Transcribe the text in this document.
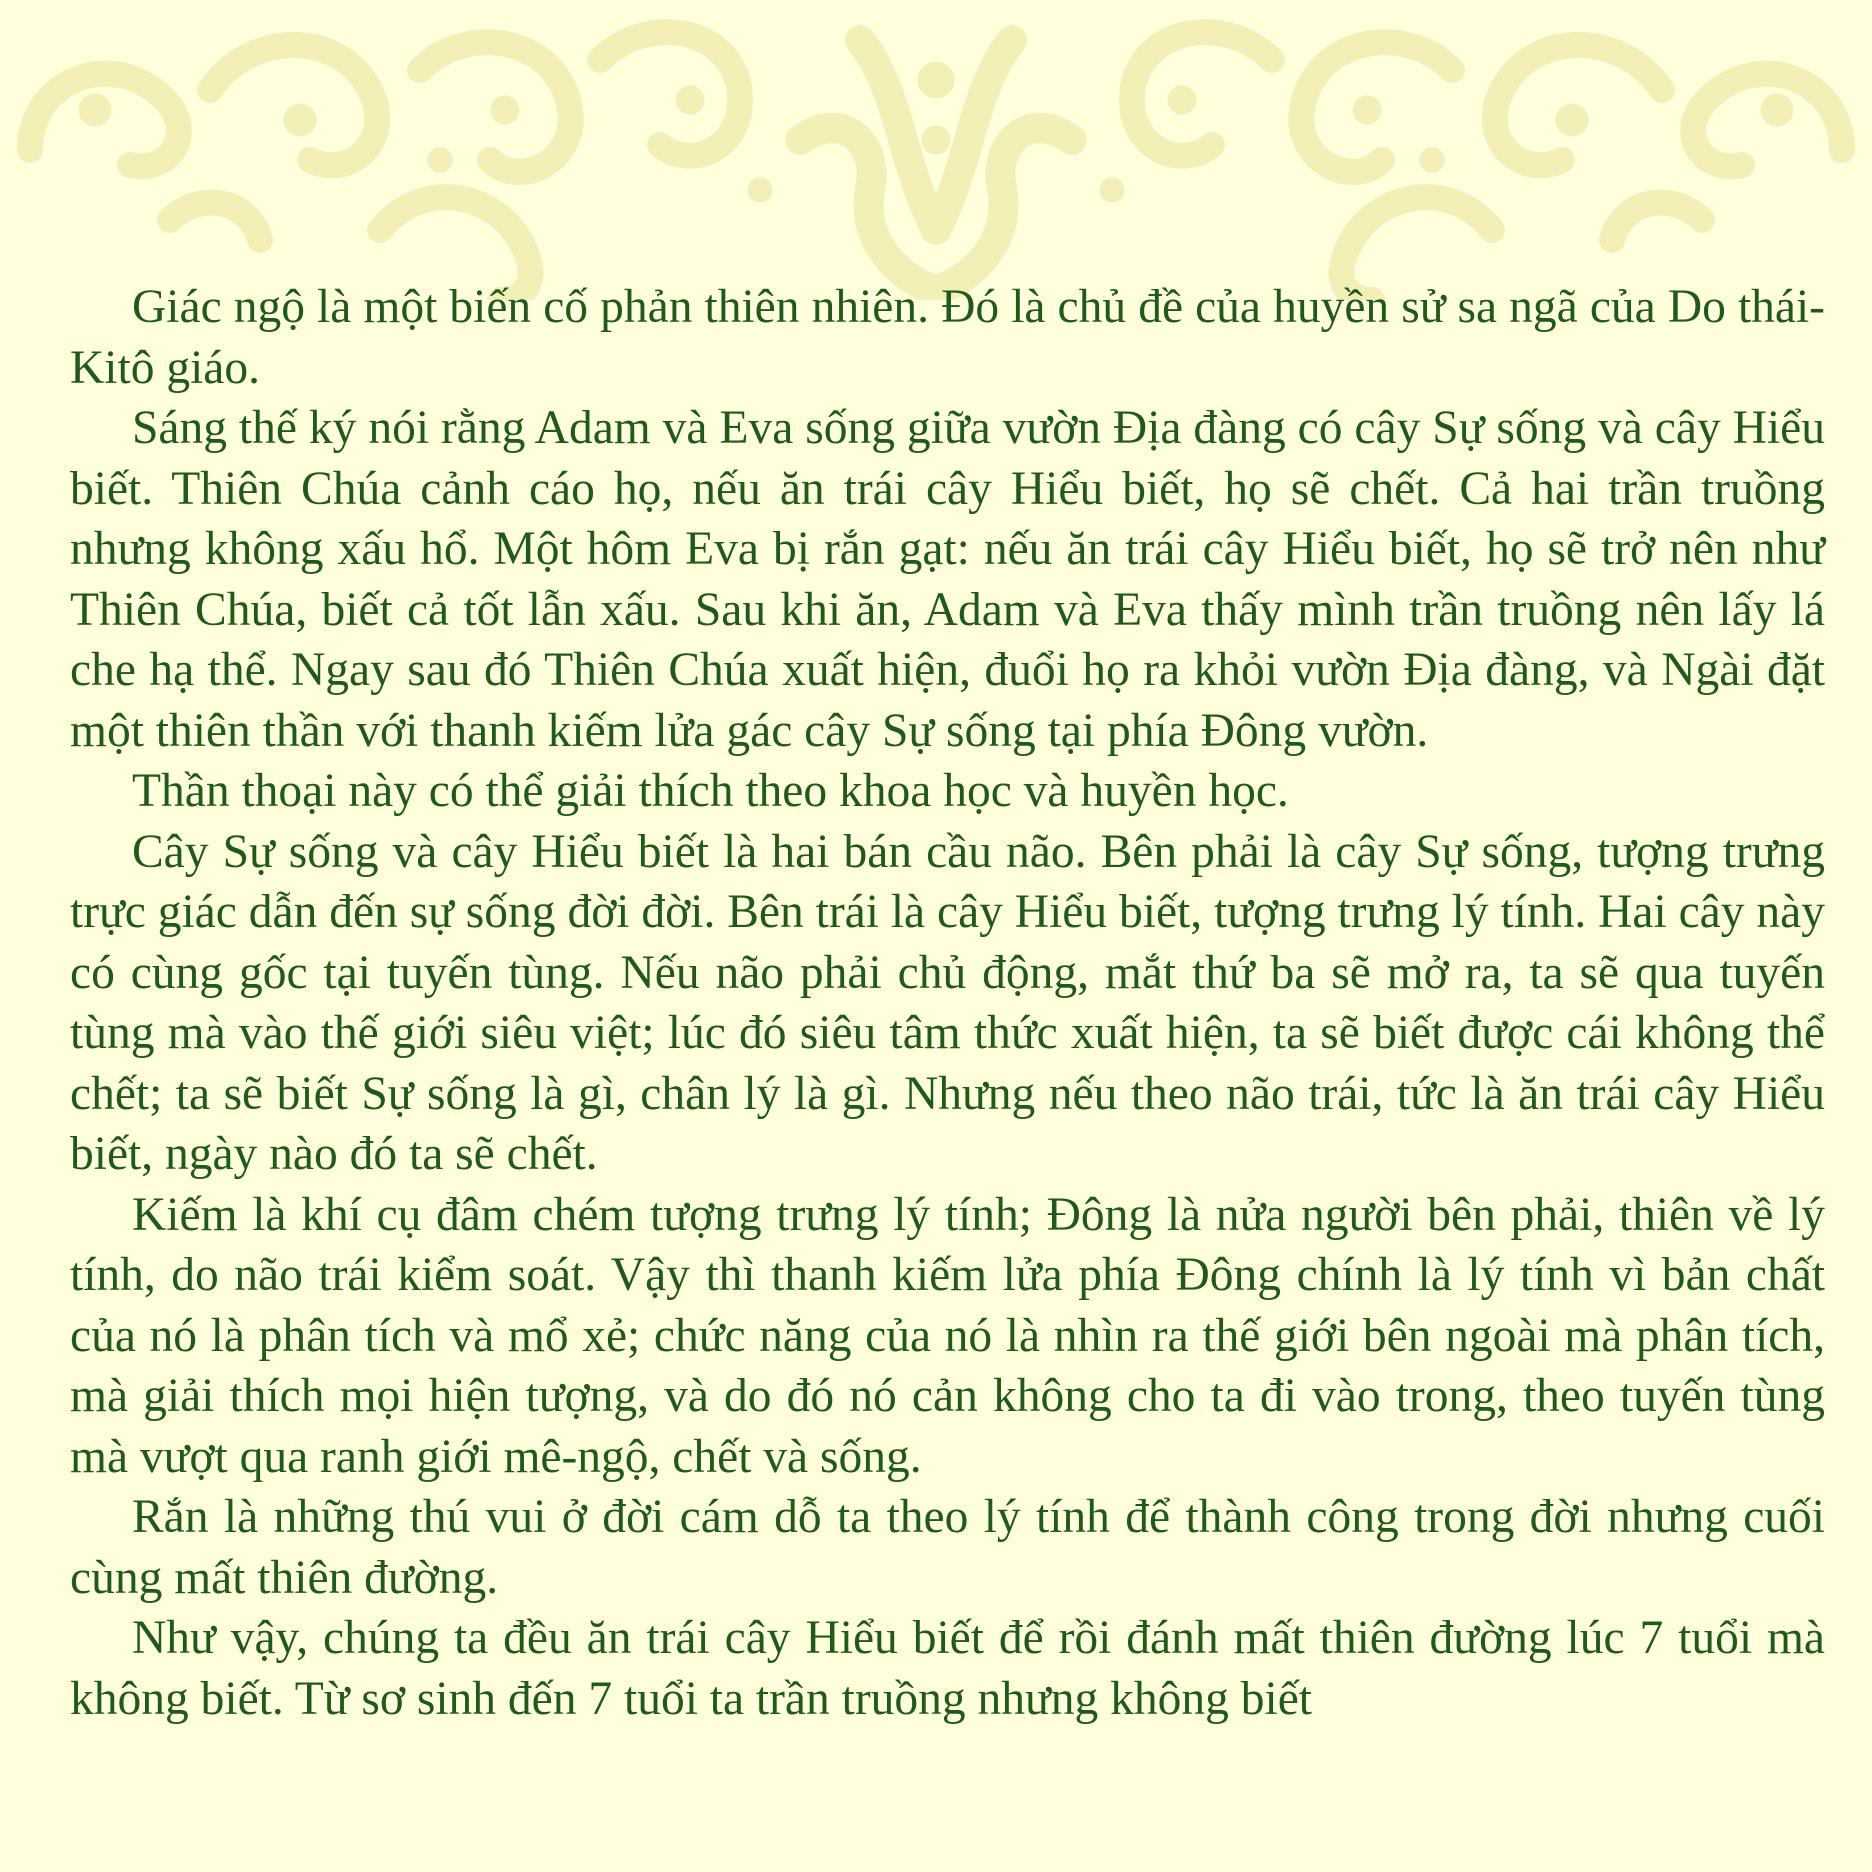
Giác ngộ là một biến cố phản thiên nhiên. Đó là chủ đề của huyền sử sa ngã của Do thái-Kitô giáo.

Sáng thế ký nói rằng Adam và Eva sống giữa vườn Địa đàng có cây Sự sống và cây Hiểu biết. Thiên Chúa cảnh cáo họ, nếu ăn trái cây Hiểu biết, họ sẽ chết. Cả hai trần truồng nhưng không xấu hổ. Một hôm Eva bị rắn gạt: nếu ăn trái cây Hiểu biết, họ sẽ trở nên như Thiên Chúa, biết cả tốt lẫn xấu. Sau khi ăn, Adam và Eva thấy mình trần truồng nên lấy lá che hạ thể. Ngay sau đó Thiên Chúa xuất hiện, đuổi họ ra khỏi vườn Địa đàng, và Ngài đặt một thiên thần với thanh kiếm lửa gác cây Sự sống tại phía Đông vườn.

Thần thoại này có thể giải thích theo khoa học và huyền học.

Cây Sự sống và cây Hiểu biết là hai bán cầu não. Bên phải là cây Sự sống, tượng trưng trực giác dẫn đến sự sống đời đời. Bên trái là cây Hiểu biết, tượng trưng lý tính. Hai cây này có cùng gốc tại tuyến tùng. Nếu não phải chủ động, mắt thứ ba sẽ mở ra, ta sẽ qua tuyến tùng mà vào thế giới siêu việt; lúc đó siêu tâm thức xuất hiện, ta sẽ biết được cái không thể chết; ta sẽ biết Sự sống là gì, chân lý là gì. Nhưng nếu theo não trái, tức là ăn trái cây Hiểu biết, ngày nào đó ta sẽ chết.

Kiếm là khí cụ đâm chém tượng trưng lý tính; Đông là nửa người bên phải, thiên về lý tính, do não trái kiểm soát. Vậy thì thanh kiếm lửa phía Đông chính là lý tính vì bản chất của nó là phân tích và mổ xẻ; chức năng của nó là nhìn ra thế giới bên ngoài mà phân tích, mà giải thích mọi hiện tượng, và do đó nó cản không cho ta đi vào trong, theo tuyến tùng mà vượt qua ranh giới mê-ngộ, chết và sống.

Rắn là những thú vui ở đời cám dỗ ta theo lý tính để thành công trong đời nhưng cuối cùng mất thiên đường.

Như vậy, chúng ta đều ăn trái cây Hiểu biết để rồi đánh mất thiên đường lúc 7 tuổi mà không biết. Từ sơ sinh đến 7 tuổi ta trần truồng nhưng không biết
